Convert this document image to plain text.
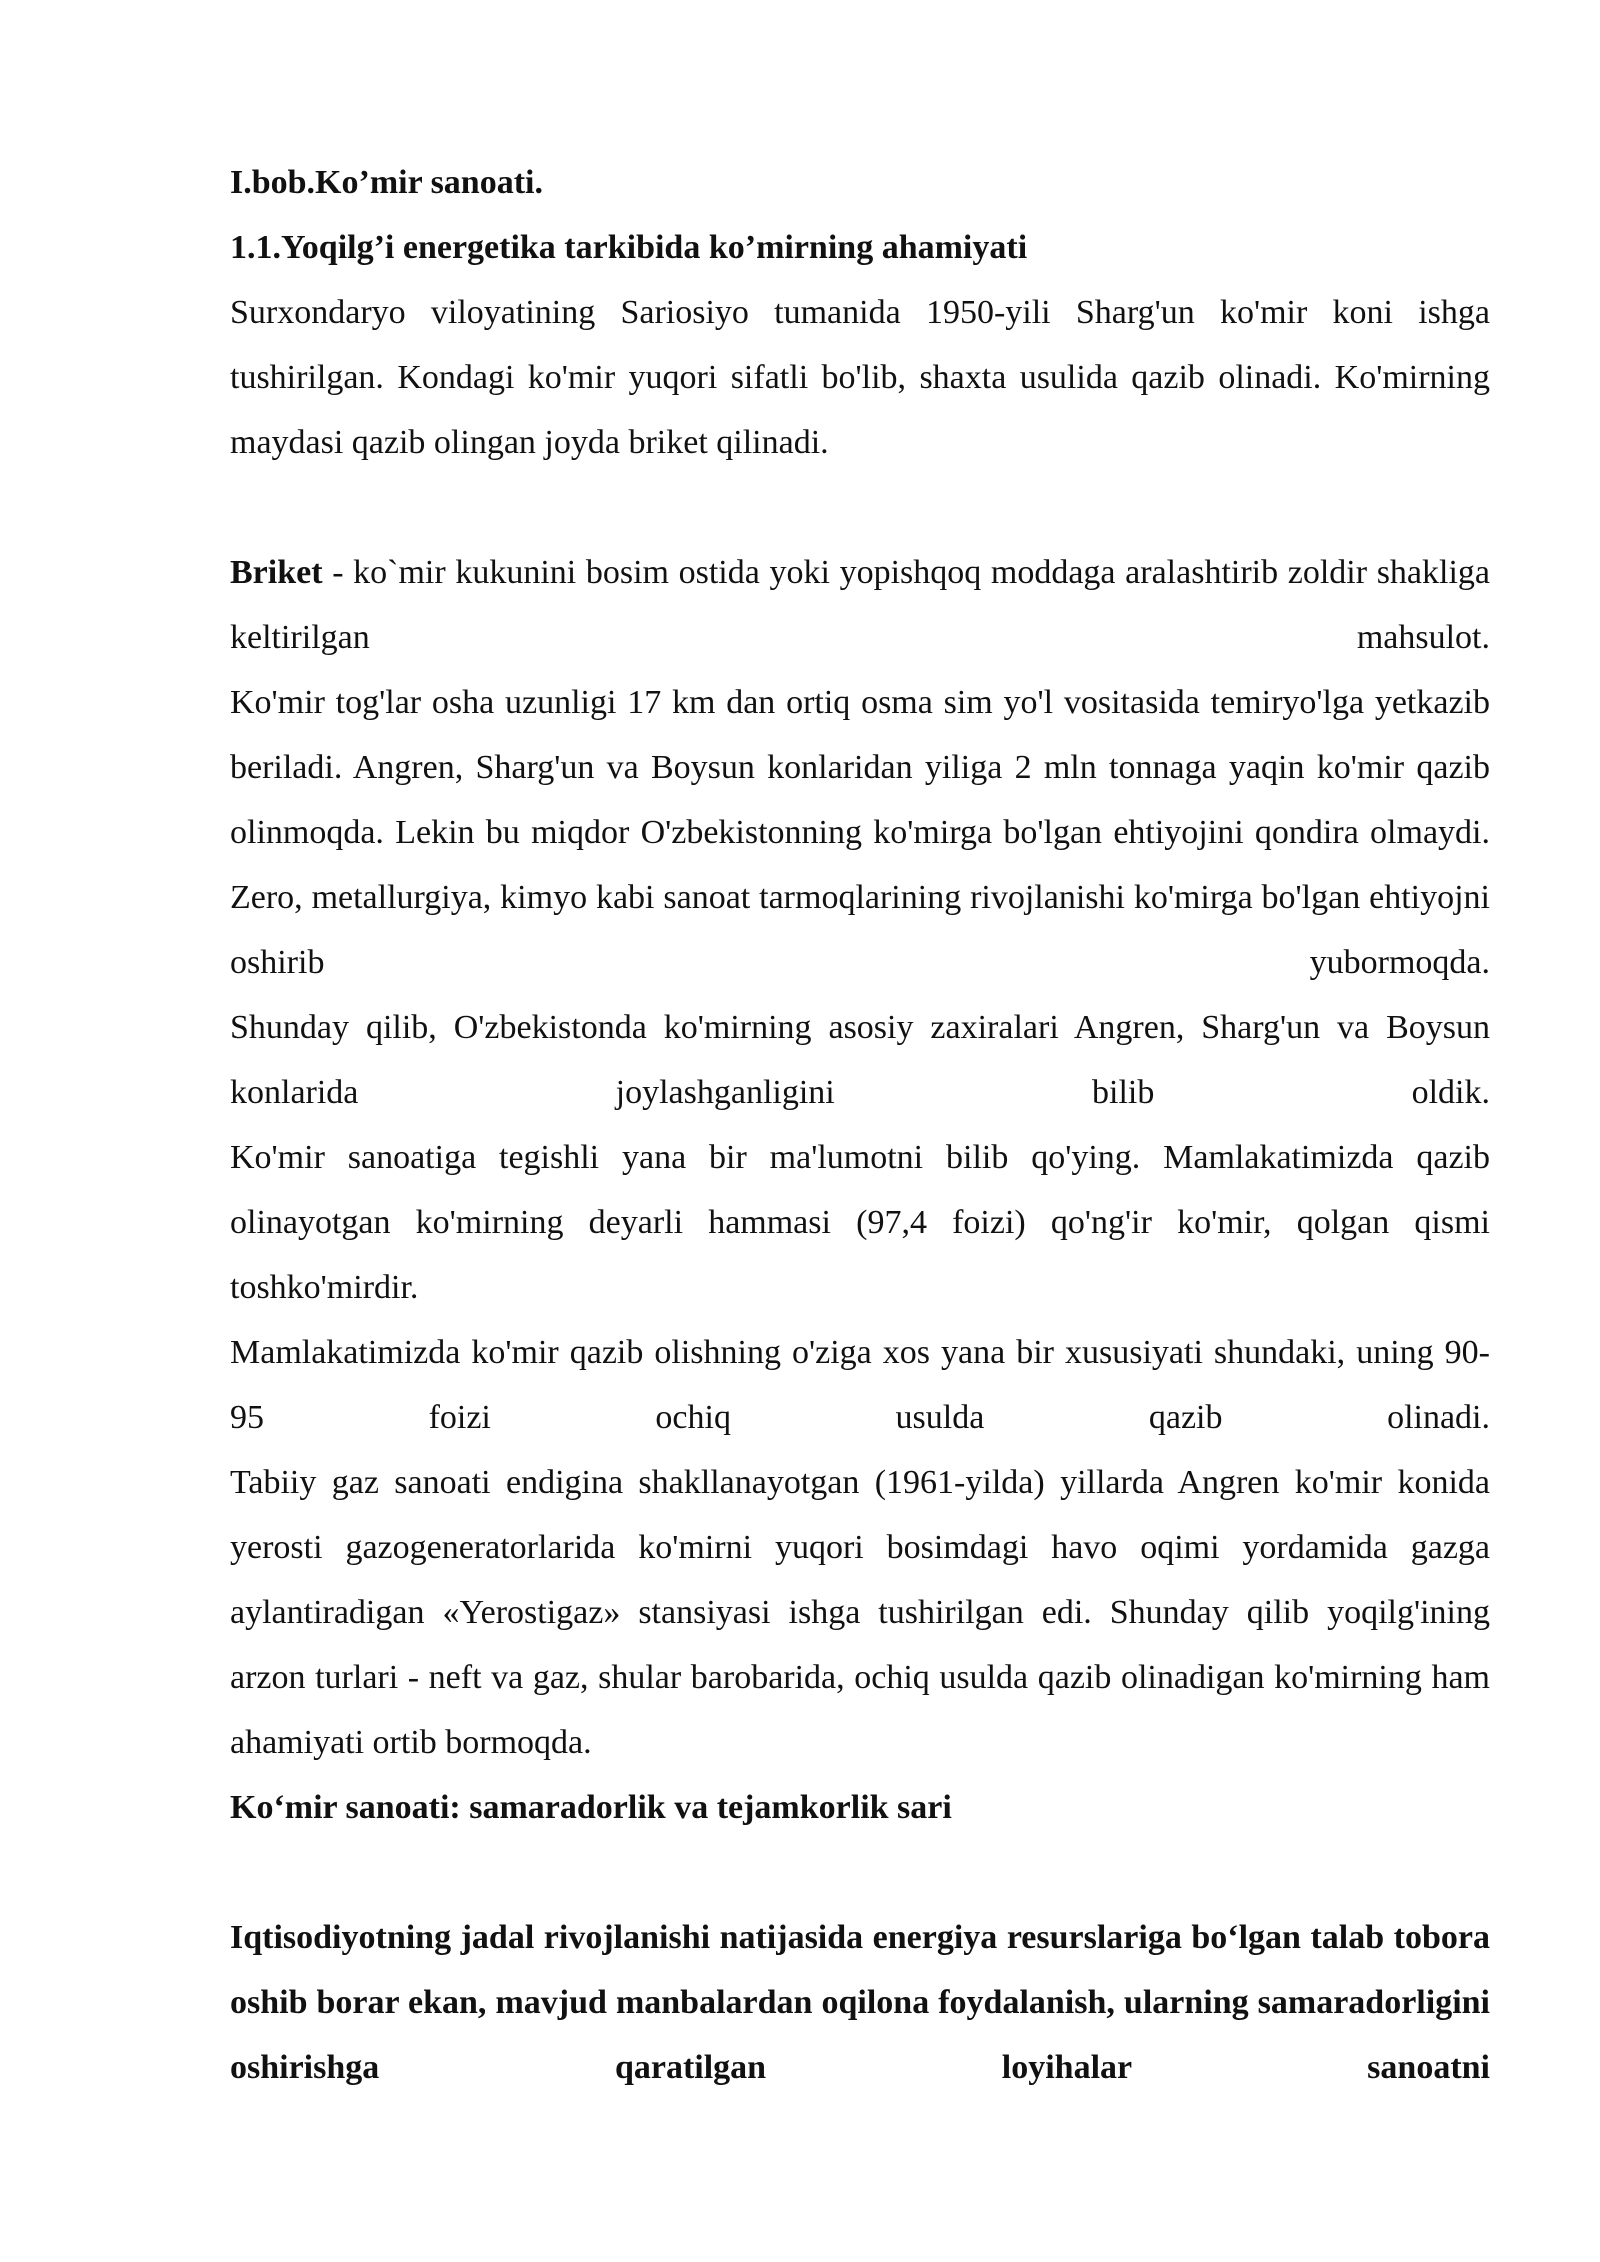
I.bob.Ko’mir sanoati.

1.1.Yoqilg’i energetika tarkibida ko’mirning ahamiyati

Surxondaryo viloyatining Sariosiyo tumanida 1950-yili Sharg'un ko'mir koni ishga tushirilgan. Kondagi ko'mir yuqori sifatli bo'lib, shaxta usulida qazib olinadi. Ko'mirning maydasi qazib olingan joyda briket qilinadi.

Briket - ko`mir kukunini bosim ostida yoki yopishqoq moddaga aralashtirib zoldir shakliga keltirilgan mahsulot.

Ko'mir tog'lar osha uzunligi 17 km dan ortiq osma sim yo'l vositasida temiryo'lga yetkazib beriladi. Angren, Sharg'un va Boysun konlaridan yiliga 2 mln tonnaga yaqin ko'mir qazib olinmoqda. Lekin bu miqdor O'zbekistonning ko'mirga bo'lgan ehtiyojini qondira olmaydi. Zero, metallurgiya, kimyo kabi sanoat tarmoqlarining rivojlanishi ko'mirga bo'lgan ehtiyojni oshirib yubormoqda.

Shunday qilib, O'zbekistonda ko'mirning asosiy zaxiralari Angren, Sharg'un va Boysun konlarida joylashganligini bilib oldik.

Ko'mir sanoatiga tegishli yana bir ma'lumotni bilib qo'ying. Mamlakatimizda qazib olinayotgan ko'mirning deyarli hammasi (97,4 foizi) qo'ng'ir ko'mir, qolgan qismi toshko'mirdir.

Mamlakatimizda ko'mir qazib olishning o'ziga xos yana bir xususiyati shundaki, uning 90-95 foizi ochiq usulda qazib olinadi.

Tabiiy gaz sanoati endigina shakllanayotgan (1961-yilda) yillarda Angren ko'mir konida yerosti gazogeneratorlarida ko'mirni yuqori bosimdagi havo oqimi yordamida gazga aylantiradigan «Yerostigaz» stansiyasi ishga tushirilgan edi. Shunday qilib yoqilg'ining arzon turlari - neft va gaz, shular barobarida, ochiq usulda qazib olinadigan ko'mirning ham ahamiyati ortib bormoqda.

Ko‘mir sanoati: samaradorlik va tejamkorlik sari

Iqtisodiyotning jadal rivojlanishi natijasida energiya resurslariga bo‘lgan talab tobora oshib borar ekan, mavjud manbalardan oqilona foydalanish, ularning samaradorligini oshirishga qaratilgan loyihalar sanoatni
